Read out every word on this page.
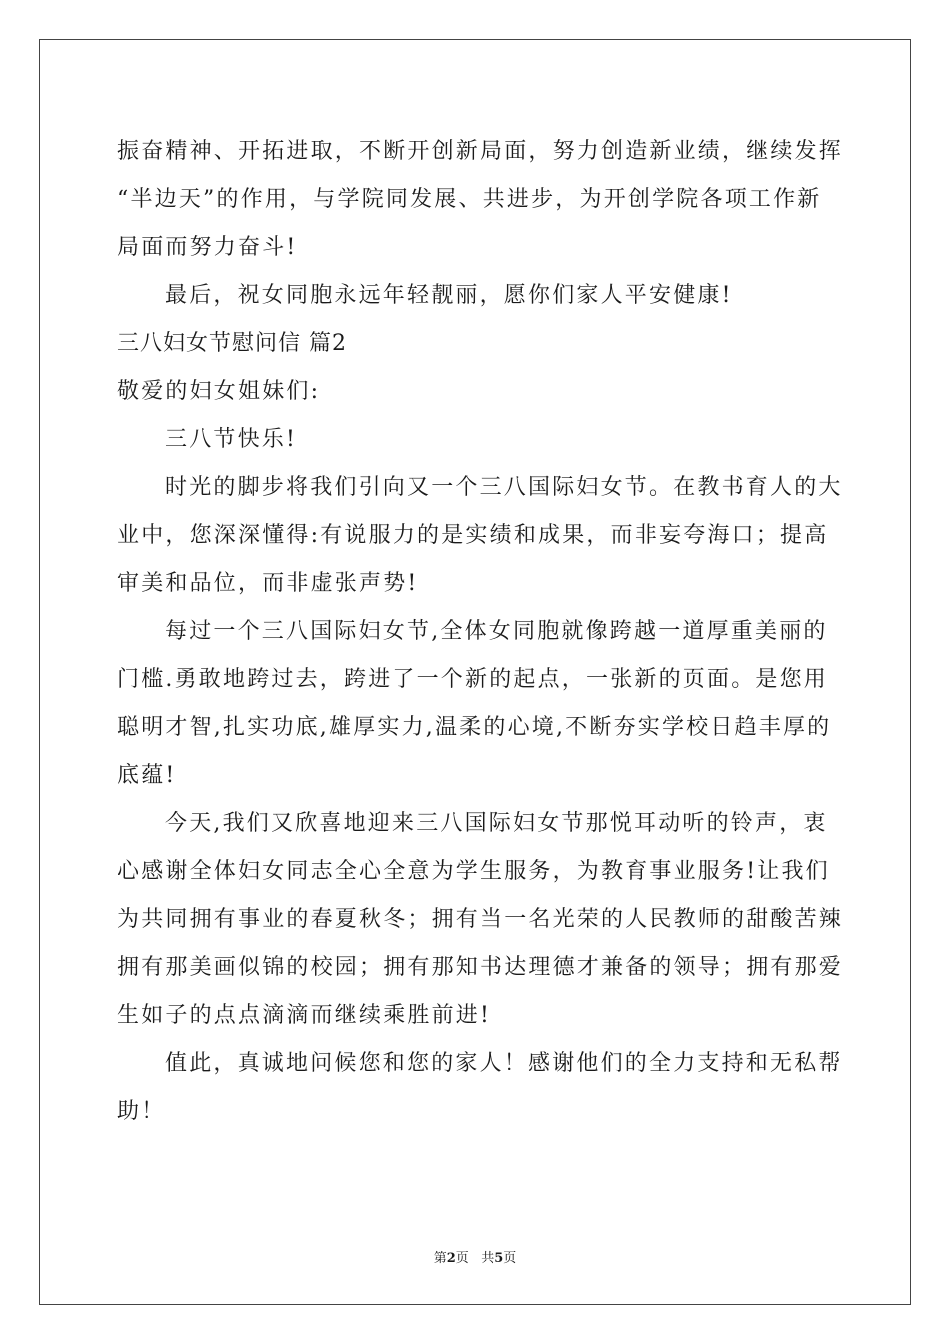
振奋精神、开拓进取，不断开创新局面，努力创造新业绩，继续发挥
“半边天”的作用，与学院同发展、共进步，为开创学院各项工作新
局面而努力奋斗!
最后，祝女同胞永远年轻靓丽，愿你们家人平安健康!
三八妇女节慰问信 篇2
敬爱的妇女姐妹们:
三八节快乐!
时光的脚步将我们引向又一个三八国际妇女节。在教书育人的大
业中，您深深懂得:有说服力的是实绩和成果，而非妄夸海口；提高
审美和品位，而非虚张声势!
每过一个三八国际妇女节,全体女同胞就像跨越一道厚重美丽的
门槛.勇敢地跨过去，跨进了一个新的起点，一张新的页面。是您用
聪明才智,扎实功底,雄厚实力,温柔的心境,不断夯实学校日趋丰厚的
底蕴!
今天,我们又欣喜地迎来三八国际妇女节那悦耳动听的铃声，衷
心感谢全体妇女同志全心全意为学生服务，为教育事业服务!让我们
为共同拥有事业的春夏秋冬；拥有当一名光荣的人民教师的甜酸苦辣
拥有那美画似锦的校园；拥有那知书达理德才兼备的领导；拥有那爱
生如子的点点滴滴而继续乘胜前进!
值此，真诚地问候您和您的家人！感谢他们的全力支持和无私帮
助！
第2页   共5页
